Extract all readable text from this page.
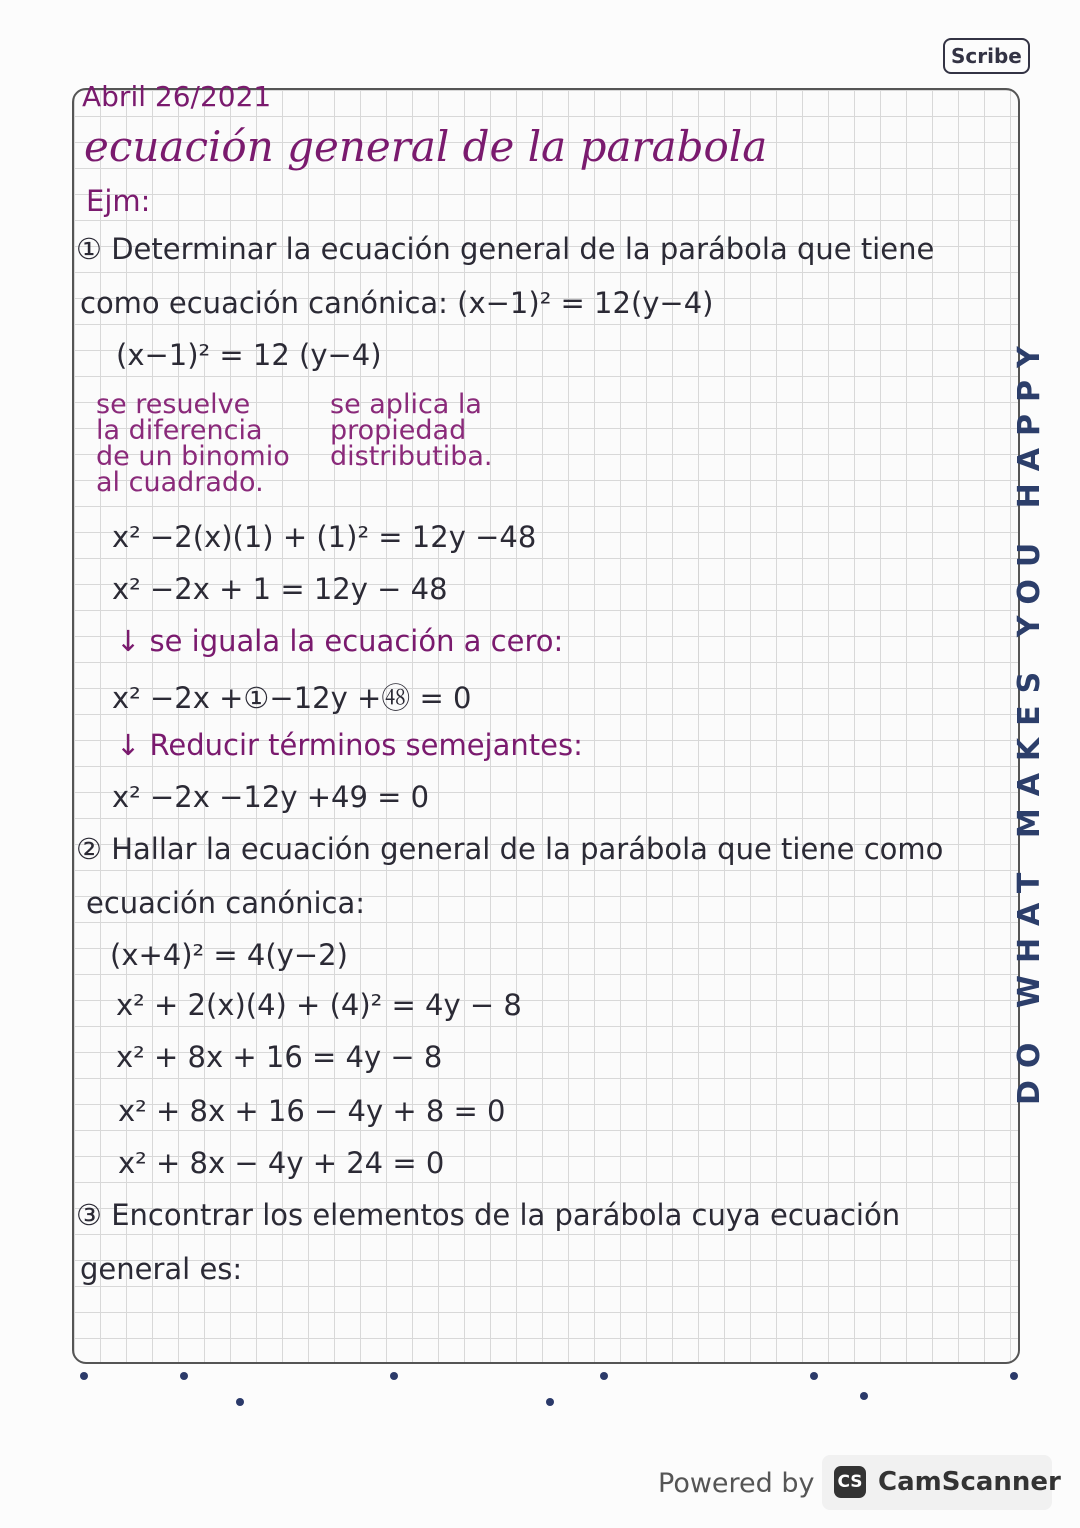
Scribe
Abril 26/2021
ecuación general de la parabola
Ejm:
① Determinar la ecuación general de la parábola que tiene
como ecuación canónica: (x−1)² = 12(y−4)
(x−1)² = 12 (y−4)
se resuelve
la diferencia
de un binomio
al cuadrado.
se aplica la
propiedad
distributiba.
x² −2(x)(1) + (1)² = 12y −48
x² −2x + 1 = 12y − 48
↓ se iguala la ecuación a cero:
x² −2x +①−12y +㊽ = 0
↓ Reducir términos semejantes:
x² −2x −12y +49 = 0
② Hallar la ecuación general de la parábola que tiene como
ecuación canónica:
(x+4)² = 4(y−2)
x² + 2(x)(4) + (4)² = 4y − 8
x² + 8x + 16 = 4y − 8
x² + 8x + 16 − 4y + 8 = 0
x² + 8x − 4y + 24 = 0
③ Encontrar los elementos de la parábola cuya ecuación
general es:
DO WHAT MAKES YOU HAPPY
Powered by CS CamScanner
